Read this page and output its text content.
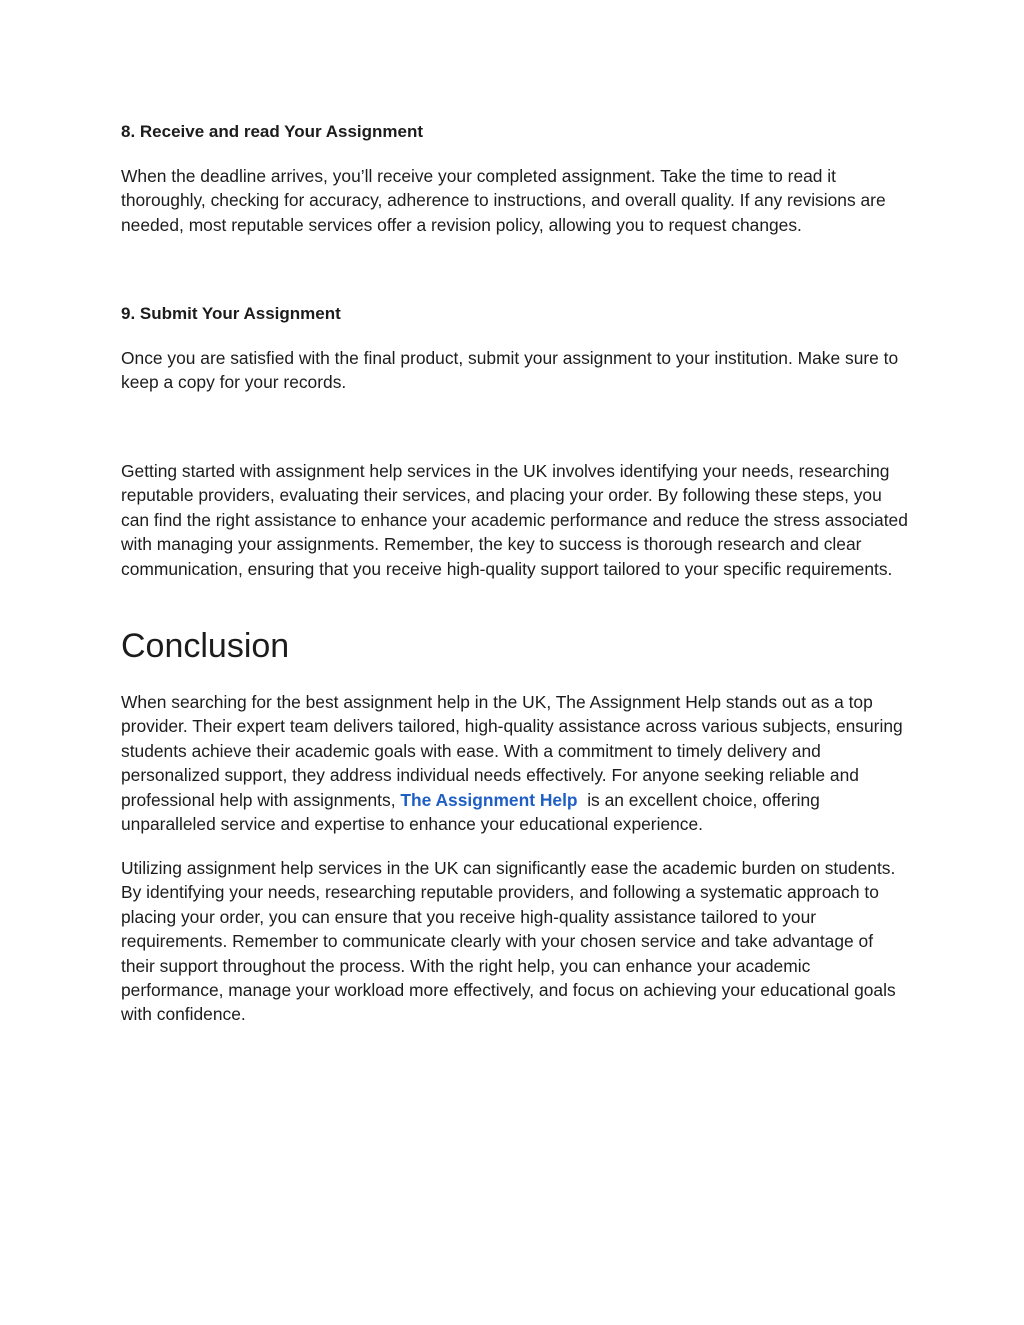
8. Receive and read Your Assignment

When the deadline arrives, you’ll receive your completed assignment. Take the time to read it thoroughly, checking for accuracy, adherence to instructions, and overall quality. If any revisions are needed, most reputable services offer a revision policy, allowing you to request changes.

9. Submit Your Assignment

Once you are satisfied with the final product, submit your assignment to your institution. Make sure to keep a copy for your records.

Getting started with assignment help services in the UK involves identifying your needs, researching reputable providers, evaluating their services, and placing your order. By following these steps, you can find the right assistance to enhance your academic performance and reduce the stress associated with managing your assignments. Remember, the key to success is thorough research and clear communication, ensuring that you receive high-quality support tailored to your specific requirements.

Conclusion

When searching for the best assignment help in the UK, The Assignment Help stands out as a top provider. Their expert team delivers tailored, high-quality assistance across various subjects, ensuring students achieve their academic goals with ease. With a commitment to timely delivery and personalized support, they address individual needs effectively. For anyone seeking reliable and professional help with assignments, The Assignment Help  is an excellent choice, offering unparalleled service and expertise to enhance your educational experience.

Utilizing assignment help services in the UK can significantly ease the academic burden on students. By identifying your needs, researching reputable providers, and following a systematic approach to placing your order, you can ensure that you receive high-quality assistance tailored to your requirements. Remember to communicate clearly with your chosen service and take advantage of their support throughout the process. With the right help, you can enhance your academic performance, manage your workload more effectively, and focus on achieving your educational goals with confidence.
